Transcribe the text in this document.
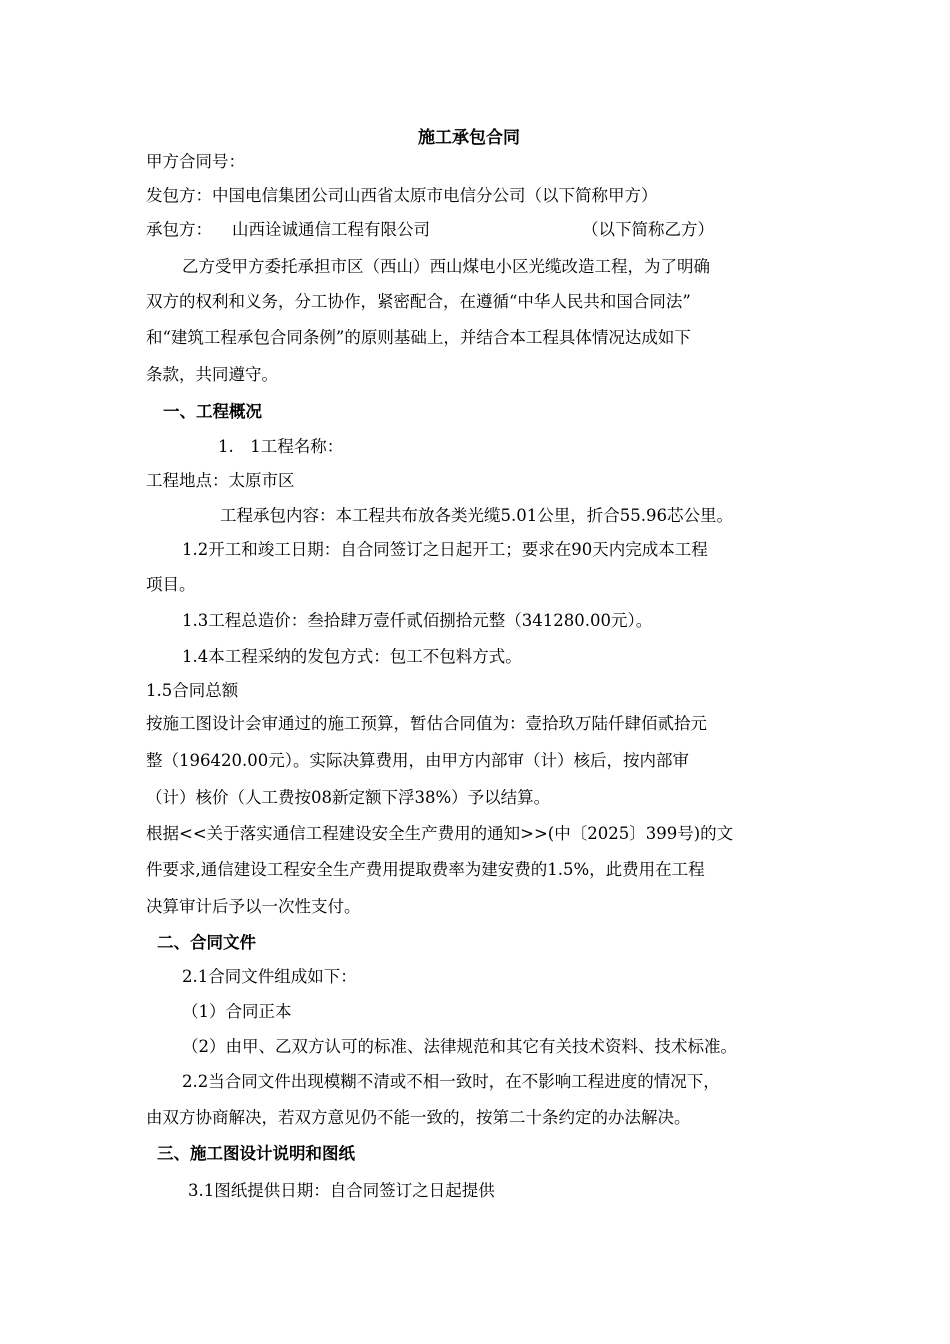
施工承包合同
甲方合同号：
发包方：中国电信集团公司山西省太原市电信分公司（以下简称甲方）
承包方： 山西诠诚通信工程有限公司	（以下简称乙方）
乙方受甲方委托承担市区（西山）西山煤电小区光缆改造工程，为了明确
双方的权利和义务，分工协作，紧密配合，在遵循“中华人民共和国合同法”
和“建筑工程承包合同条例”的原则基础上，并结合本工程具体情况达成如下
条款，共同遵守。
一、工程概况
1.　1工程名称：
工程地点：太原市区
工程承包内容：本工程共布放各类光缆5.01公里，折合55.96芯公里。
1.2开工和竣工日期：自合同签订之日起开工；要求在90天内完成本工程
项目。
1.3工程总造价：叁拾肆万壹仟贰佰捌拾元整（341280.00元）。
1.4本工程采纳的发包方式：包工不包料方式。
1.5合同总额
按施工图设计会审通过的施工预算，暂估合同值为：壹拾玖万陆仟肆佰贰拾元
整（196420.00元）。实际决算费用，由甲方内部审（计）核后，按内部审
（计）核价（人工费按08新定额下浮38%）予以结算。
根据<<关于落实通信工程建设安全生产费用的通知>>(中〔2025〕399号)的文
件要求,通信建设工程安全生产费用提取费率为建安费的1.5%，此费用在工程
决算审计后予以一次性支付。
二、合同文件
2.1合同文件组成如下：
（1）合同正本
（2）由甲、乙双方认可的标准、法律规范和其它有关技术资料、技术标准。
2.2当合同文件出现模糊不清或不相一致时，在不影响工程进度的情况下，
由双方协商解决，若双方意见仍不能一致的，按第二十条约定的办法解决。
三、施工图设计说明和图纸
3.1图纸提供日期：自合同签订之日起提供
